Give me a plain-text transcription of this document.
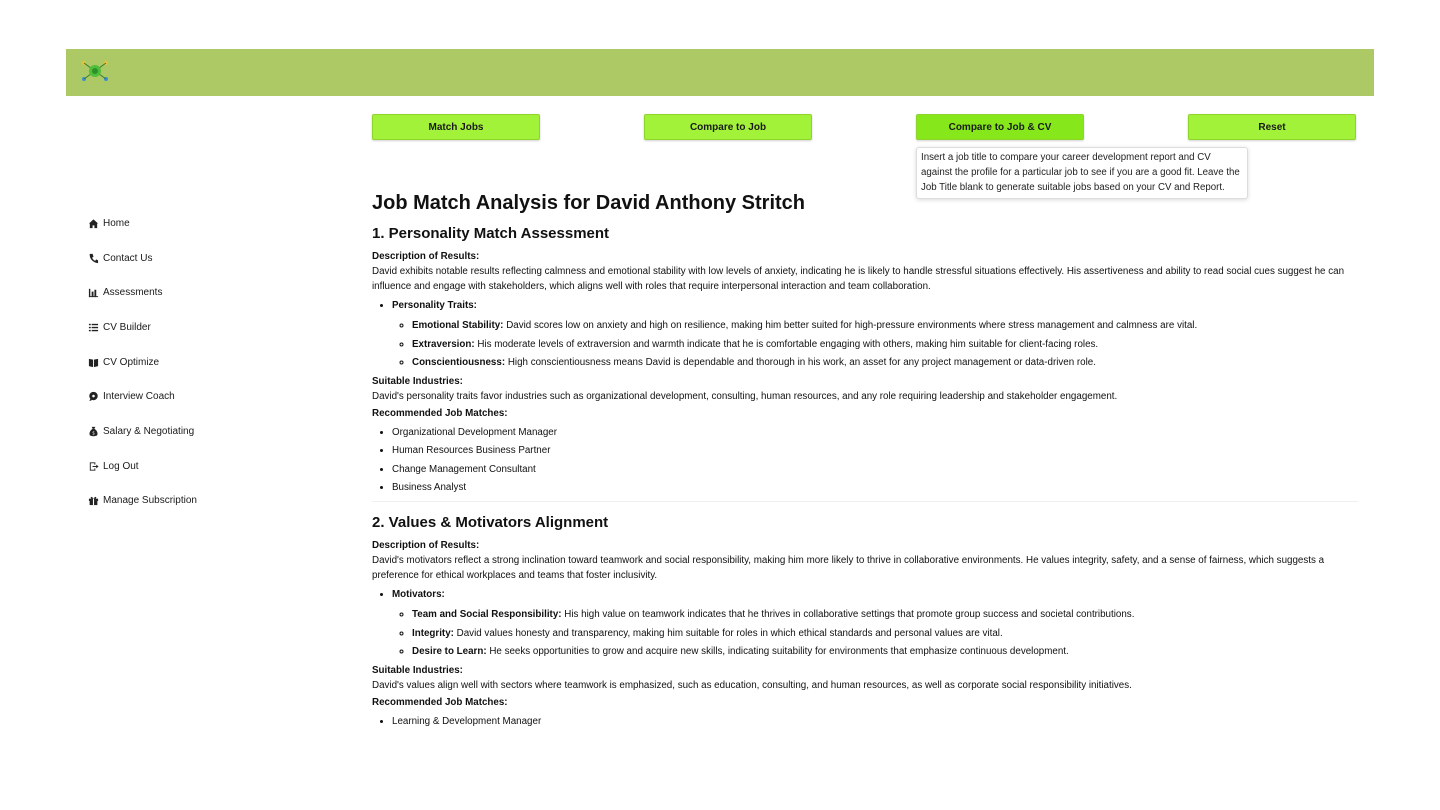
Home
Contact Us
Assessments
CV Builder
CV Optimize
Interview Coach
$ Salary & Negotiating
Log Out
Manage Subscription
Match Jobs	Compare to Job	Compare to Job & CV	Reset
Insert a job title to compare your career development report and CV against the profile for a particular job to see if you are a good fit. Leave the Job Title blank to generate suitable jobs based on your CV and Report.
Job Match Analysis for David Anthony Stritch
1. Personality Match Assessment
Description of Results:

David exhibits notable results reflecting calmness and emotional stability with low levels of anxiety, indicating he is likely to handle stressful situations effectively. His assertiveness and ability to read social cues suggest he can influence and engage with stakeholders, which aligns well with roles that require interpersonal interaction and team collaboration.

• Personality Traits:
◦ Emotional Stability: David scores low on anxiety and high on resilience, making him better suited for high-pressure environments where stress management and calmness are vital.
◦ Extraversion: His moderate levels of extraversion and warmth indicate that he is comfortable engaging with others, making him suitable for client-facing roles.
◦ Conscientiousness: High conscientiousness means David is dependable and thorough in his work, an asset for any project management or data-driven role.
Suitable Industries:

David's personality traits favor industries such as organizational development, consulting, human resources, and any role requiring leadership and stakeholder engagement.

Recommended Job Matches:
• Organizational Development Manager
• Human Resources Business Partner
• Change Management Consultant
• Business Analyst
2. Values & Motivators Alignment
Description of Results:

David's motivators reflect a strong inclination toward teamwork and social responsibility, making him more likely to thrive in collaborative environments. He values integrity, safety, and a sense of fairness, which suggests a preference for ethical workplaces and teams that foster inclusivity.

• Motivators:
◦ Team and Social Responsibility: His high value on teamwork indicates that he thrives in collaborative settings that promote group success and societal contributions.
◦ Integrity: David values honesty and transparency, making him suitable for roles in which ethical standards and personal values are vital.
◦ Desire to Learn: He seeks opportunities to grow and acquire new skills, indicating suitability for environments that emphasize continuous development.
Suitable Industries:

David's values align well with sectors where teamwork is emphasized, such as education, consulting, and human resources, as well as corporate social responsibility initiatives.

Recommended Job Matches:
• Learning & Development Manager
